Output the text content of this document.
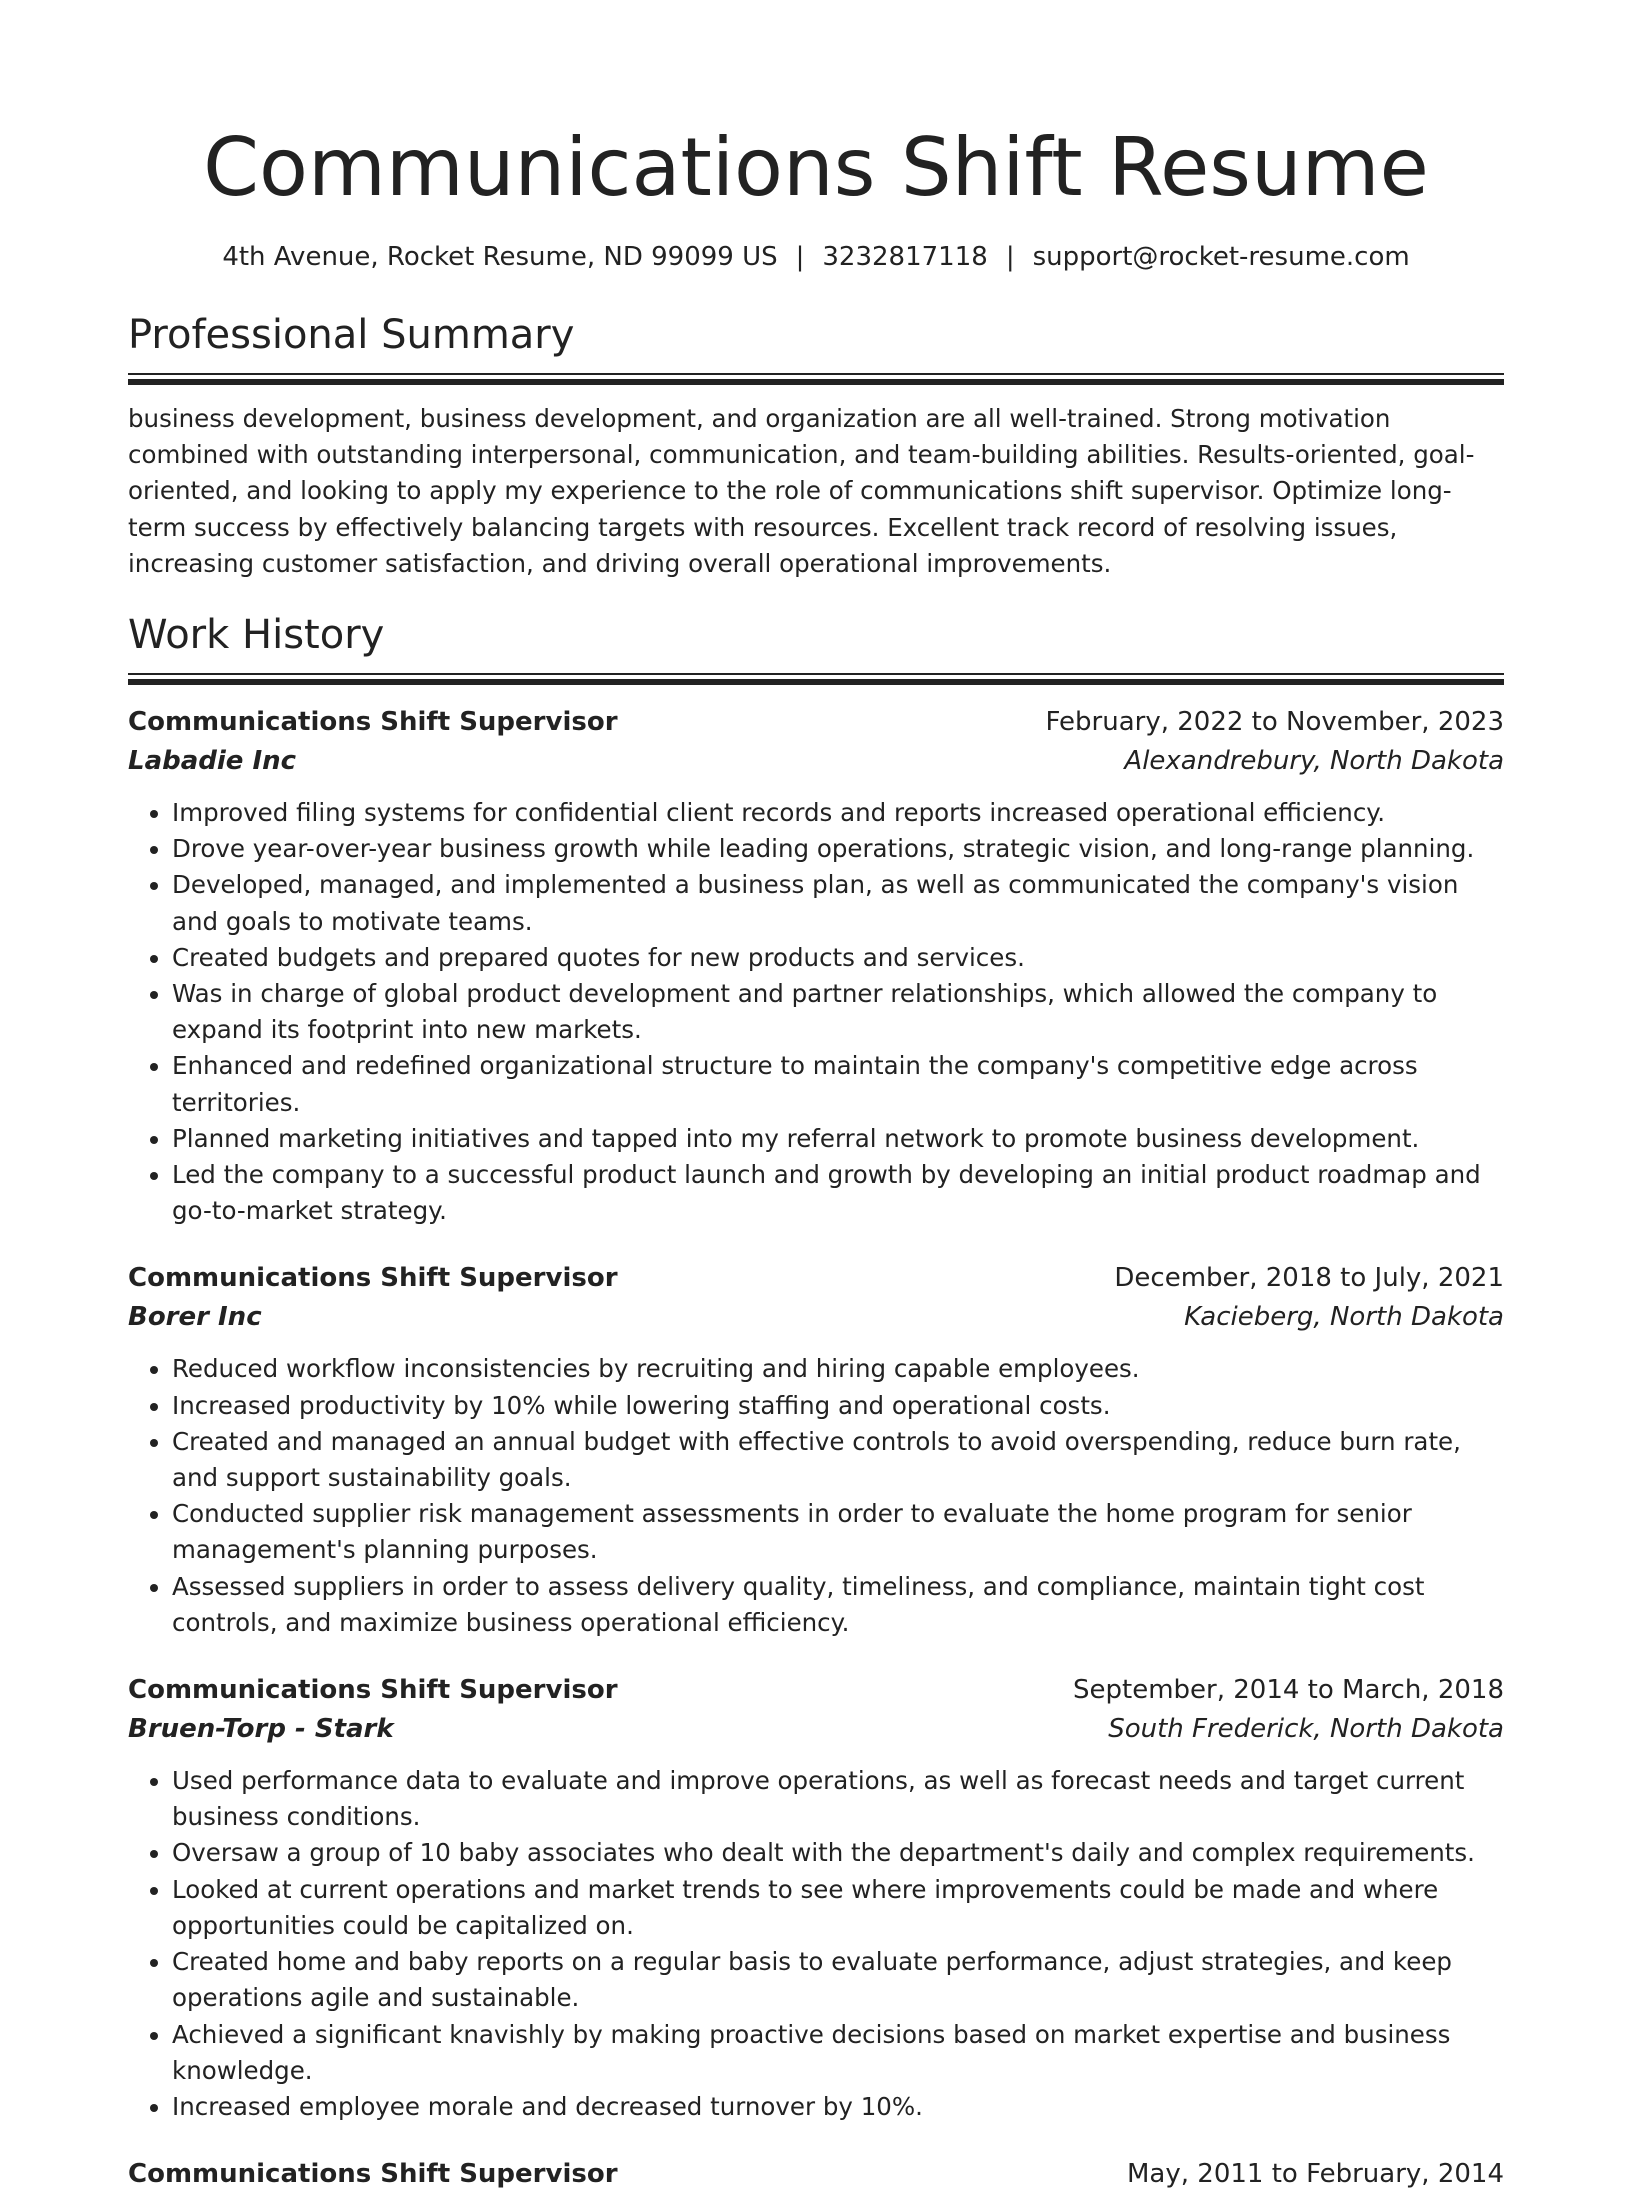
Communications Shift Resume
4th Avenue, Rocket Resume, ND 99099 US | 3232817118 | support@rocket-resume.com
Professional Summary
business development, business development, and organization are all well-trained. Strong motivation combined with outstanding interpersonal, communication, and team-building abilities. Results-oriented, goal-oriented, and looking to apply my experience to the role of communications shift supervisor. Optimize long-term success by effectively balancing targets with resources. Excellent track record of resolving issues, increasing customer satisfaction, and driving overall operational improvements.
Work History
Communications Shift Supervisor	February, 2022 to November, 2023
Labadie Inc	Alexandrebury, North Dakota
• Improved filing systems for confidential client records and reports increased operational efficiency.
• Drove year-over-year business growth while leading operations, strategic vision, and long-range planning.
• Developed, managed, and implemented a business plan, as well as communicated the company's vision and goals to motivate teams.
• Created budgets and prepared quotes for new products and services.
• Was in charge of global product development and partner relationships, which allowed the company to expand its footprint into new markets.
• Enhanced and redefined organizational structure to maintain the company's competitive edge across territories.
• Planned marketing initiatives and tapped into my referral network to promote business development.
• Led the company to a successful product launch and growth by developing an initial product roadmap and go-to-market strategy.
Communications Shift Supervisor	December, 2018 to July, 2021
Borer Inc	Kacieberg, North Dakota
• Reduced workflow inconsistencies by recruiting and hiring capable employees.
• Increased productivity by 10% while lowering staffing and operational costs.
• Created and managed an annual budget with effective controls to avoid overspending, reduce burn rate, and support sustainability goals.
• Conducted supplier risk management assessments in order to evaluate the home program for senior management's planning purposes.
• Assessed suppliers in order to assess delivery quality, timeliness, and compliance, maintain tight cost controls, and maximize business operational efficiency.
Communications Shift Supervisor	September, 2014 to March, 2018
Bruen-Torp - Stark	South Frederick, North Dakota
• Used performance data to evaluate and improve operations, as well as forecast needs and target current business conditions.
• Oversaw a group of 10 baby associates who dealt with the department's daily and complex requirements.
• Looked at current operations and market trends to see where improvements could be made and where opportunities could be capitalized on.
• Created home and baby reports on a regular basis to evaluate performance, adjust strategies, and keep operations agile and sustainable.
• Achieved a significant knavishly by making proactive decisions based on market expertise and business knowledge.
• Increased employee morale and decreased turnover by 10%.
Communications Shift Supervisor	May, 2011 to February, 2014
